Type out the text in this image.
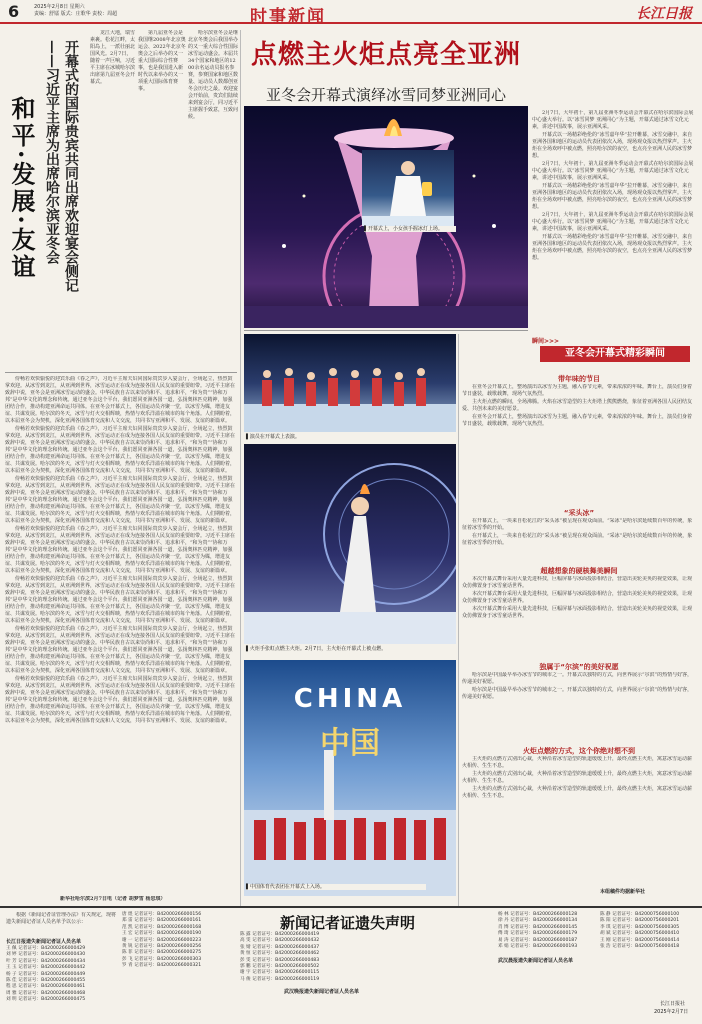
6	2025年2月8日 星期六
责编：舒镭 版式：庄歌华 责校：周超	时事新闻	长江日报
和平·发展·友谊 开幕式的国际贵宾共同出席欢迎宴会侧记
——习近平主席为出席哈尔滨亚冬会

龙江大地，瑞雪素裹。松花江畔，太阳岛上，一派壮丽北国风光。2月7日，随着一声巨响，习近平主席在冰城哈尔滨出席第九届亚冬会开幕式。

第九届亚冬会是我国继2008年北京奥运会、2022年北京冬奥会之后举办的又一重大国际综合性赛事，也是我国进入新时代以来举办的又一项重大国际体育赛事。

哈尔滨亚冬会是继北京冬奥会后我国举办的又一重大综合性国际冰雪运动盛会。本届共34个国家和地区的1200余名运动员报名参赛，参赛国家和地区数量、运动员人数都创亚冬会历史之最。欢迎宴会开始前，贵宾们陆续来到宴会厅，同习近平主席握手致意，互致问候。

侍畅若欢快愉悦的迎宾乐曲《春之声》，习近平主席夫妇同国际贵宾步入宴会厅，全场起立，热烈鼓掌欢迎。从冰雪到龙江，从亚洲到世界，冰雪运动正在成为连接各国人民友谊的重要纽带。习近平主席在致辞中说，亚冬会是亚洲冰雪运动的盛会。中华民族自古以来崇尚和平、追求和平，“和为贵”“协和万邦”是中华文化的理念和传统。通过亚冬会这个平台，我们愿同亚洲各国一道，弘扬奥林匹克精神，加强团结合作，推动构建亚洲命运共同体。在亚冬会开幕式上，各国运动员齐聚一堂，以冰雪为媒，增进友谊、共谋发展。哈尔滨的冬天，冰雪与灯火交相辉映，热情与欢乐洋溢在城市的每个角落。人们期盼着，以本届亚冬会为契机，深化亚洲各国体育交流和人文交流，共同书写亚洲和平、发展、友谊的新篇章。

侍畅若欢快愉悦的迎宾乐曲《春之声》，习近平主席夫妇同国际贵宾步入宴会厅，全场起立，热烈鼓掌欢迎。从冰雪到龙江，从亚洲到世界，冰雪运动正在成为连接各国人民友谊的重要纽带。习近平主席在致辞中说，亚冬会是亚洲冰雪运动的盛会。中华民族自古以来崇尚和平、追求和平，“和为贵”“协和万邦”是中华文化的理念和传统。通过亚冬会这个平台，我们愿同亚洲各国一道，弘扬奥林匹克精神，加强团结合作，推动构建亚洲命运共同体。在亚冬会开幕式上，各国运动员齐聚一堂，以冰雪为媒，增进友谊、共谋发展。哈尔滨的冬天，冰雪与灯火交相辉映，热情与欢乐洋溢在城市的每个角落。人们期盼着，以本届亚冬会为契机，深化亚洲各国体育交流和人文交流，共同书写亚洲和平、发展、友谊的新篇章。

侍畅若欢快愉悦的迎宾乐曲《春之声》，习近平主席夫妇同国际贵宾步入宴会厅，全场起立，热烈鼓掌欢迎。从冰雪到龙江，从亚洲到世界，冰雪运动正在成为连接各国人民友谊的重要纽带。习近平主席在致辞中说，亚冬会是亚洲冰雪运动的盛会。中华民族自古以来崇尚和平、追求和平，“和为贵”“协和万邦”是中华文化的理念和传统。通过亚冬会这个平台，我们愿同亚洲各国一道，弘扬奥林匹克精神，加强团结合作，推动构建亚洲命运共同体。在亚冬会开幕式上，各国运动员齐聚一堂，以冰雪为媒，增进友谊、共谋发展。哈尔滨的冬天，冰雪与灯火交相辉映，热情与欢乐洋溢在城市的每个角落。人们期盼着，以本届亚冬会为契机，深化亚洲各国体育交流和人文交流，共同书写亚洲和平、发展、友谊的新篇章。

侍畅若欢快愉悦的迎宾乐曲《春之声》，习近平主席夫妇同国际贵宾步入宴会厅，全场起立，热烈鼓掌欢迎。从冰雪到龙江，从亚洲到世界，冰雪运动正在成为连接各国人民友谊的重要纽带。习近平主席在致辞中说，亚冬会是亚洲冰雪运动的盛会。中华民族自古以来崇尚和平、追求和平，“和为贵”“协和万邦”是中华文化的理念和传统。通过亚冬会这个平台，我们愿同亚洲各国一道，弘扬奥林匹克精神，加强团结合作，推动构建亚洲命运共同体。在亚冬会开幕式上，各国运动员齐聚一堂，以冰雪为媒，增进友谊、共谋发展。哈尔滨的冬天，冰雪与灯火交相辉映，热情与欢乐洋溢在城市的每个角落。人们期盼着，以本届亚冬会为契机，深化亚洲各国体育交流和人文交流，共同书写亚洲和平、发展、友谊的新篇章。

侍畅若欢快愉悦的迎宾乐曲《春之声》，习近平主席夫妇同国际贵宾步入宴会厅，全场起立，热烈鼓掌欢迎。从冰雪到龙江，从亚洲到世界，冰雪运动正在成为连接各国人民友谊的重要纽带。习近平主席在致辞中说，亚冬会是亚洲冰雪运动的盛会。中华民族自古以来崇尚和平、追求和平，“和为贵”“协和万邦”是中华文化的理念和传统。通过亚冬会这个平台，我们愿同亚洲各国一道，弘扬奥林匹克精神，加强团结合作，推动构建亚洲命运共同体。在亚冬会开幕式上，各国运动员齐聚一堂，以冰雪为媒，增进友谊、共谋发展。哈尔滨的冬天，冰雪与灯火交相辉映，热情与欢乐洋溢在城市的每个角落。人们期盼着，以本届亚冬会为契机，深化亚洲各国体育交流和人文交流，共同书写亚洲和平、发展、友谊的新篇章。

侍畅若欢快愉悦的迎宾乐曲《春之声》，习近平主席夫妇同国际贵宾步入宴会厅，全场起立，热烈鼓掌欢迎。从冰雪到龙江，从亚洲到世界，冰雪运动正在成为连接各国人民友谊的重要纽带。习近平主席在致辞中说，亚冬会是亚洲冰雪运动的盛会。中华民族自古以来崇尚和平、追求和平，“和为贵”“协和万邦”是中华文化的理念和传统。通过亚冬会这个平台，我们愿同亚洲各国一道，弘扬奥林匹克精神，加强团结合作，推动构建亚洲命运共同体。在亚冬会开幕式上，各国运动员齐聚一堂，以冰雪为媒，增进友谊、共谋发展。哈尔滨的冬天，冰雪与灯火交相辉映，热情与欢乐洋溢在城市的每个角落。人们期盼着，以本届亚冬会为契机，深化亚洲各国体育交流和人文交流，共同书写亚洲和平、发展、友谊的新篇章。

侍畅若欢快愉悦的迎宾乐曲《春之声》，习近平主席夫妇同国际贵宾步入宴会厅，全场起立，热烈鼓掌欢迎。从冰雪到龙江，从亚洲到世界，冰雪运动正在成为连接各国人民友谊的重要纽带。习近平主席在致辞中说，亚冬会是亚洲冰雪运动的盛会。中华民族自古以来崇尚和平、追求和平，“和为贵”“协和万邦”是中华文化的理念和传统。通过亚冬会这个平台，我们愿同亚洲各国一道，弘扬奥林匹克精神，加强团结合作，推动构建亚洲命运共同体。在亚冬会开幕式上，各国运动员齐聚一堂，以冰雪为媒，增进友谊、共谋发展。哈尔滨的冬天，冰雪与灯火交相辉映，热情与欢乐洋溢在城市的每个角落。人们期盼着，以本届亚冬会为契机，深化亚洲各国体育交流和人文交流，共同书写亚洲和平、发展、友谊的新篇章。

新华社哈尔滨2月7日电（记者 胡梦雪 杨思琪）
点燃主火炬点亮全亚洲
亚冬会开幕式演绎冰雪同梦亚洲同心
▌开幕式上，小女孩手握冰灯上场。
▌演员在开幕式上表演。
▌火炬手张虹点燃主火炬。2月7日，主火炬在开幕式上被点燃。
CHINA
中国
▌中国体育代表团在开幕式上入场。

2月7日，大年初十，第九届亚洲冬季运动会开幕式在哈尔滨国际会展中心盛大举行。以“冰雪同梦 亚洲同心”为主题，开幕式通过冰雪文化元素，讲述中国故事，展示亚洲风采。

开幕式以一场精彩绝伦的“冰雪嘉年华”拉开帷幕，冰雪交融中，来自亚洲各国和地区的运动员代表团依次入场，现场观众报以热烈掌声。主火炬在全场欢呼中被点燃，照亮哈尔滨的夜空，也点亮全亚洲人民的冰雪梦想。

2月7日，大年初十，第九届亚洲冬季运动会开幕式在哈尔滨国际会展中心盛大举行。以“冰雪同梦 亚洲同心”为主题，开幕式通过冰雪文化元素，讲述中国故事，展示亚洲风采。

开幕式以一场精彩绝伦的“冰雪嘉年华”拉开帷幕，冰雪交融中，来自亚洲各国和地区的运动员代表团依次入场，现场观众报以热烈掌声。主火炬在全场欢呼中被点燃，照亮哈尔滨的夜空，也点亮全亚洲人民的冰雪梦想。

2月7日，大年初十，第九届亚洲冬季运动会开幕式在哈尔滨国际会展中心盛大举行。以“冰雪同梦 亚洲同心”为主题，开幕式通过冰雪文化元素，讲述中国故事，展示亚洲风采。

开幕式以一场精彩绝伦的“冰雪嘉年华”拉开帷幕，冰雪交融中，来自亚洲各国和地区的运动员代表团依次入场，现场观众报以热烈掌声。主火炬在全场欢呼中被点燃，照亮哈尔滨的夜空，也点亮全亚洲人民的冰雪梦想。

瞬间>>>
亚冬会开幕式精彩瞬间
带年味的节目

在亚冬会开幕式上，整场演出以冰雪为主题，融入春节元素，带来浓浓的年味。舞台上，演员们身着节日盛装，载歌载舞，现场气氛热烈。

主火炬点燃的瞬间，全场沸腾。火焰在冰雪造型的主火炬塔上熊熊燃烧，象征着亚洲各国人民团结友爱、共创未来的美好愿景。

在亚冬会开幕式上，整场演出以冰雪为主题，融入春节元素，带来浓浓的年味。舞台上，演员们身着节日盛装，载歌载舞，现场气氛热烈。

“采头冰”

在开幕式上，一块来自松花江的“采头冰”被呈现在观众面前。“采冰”是哈尔滨延续数百年的传统，象征着冰雪季的开始。

在开幕式上，一块来自松花江的“采头冰”被呈现在观众面前。“采冰”是哈尔滨延续数百年的传统，象征着冰雪季的开始。

超越想象的硬核舞美瞬间

本次开幕式舞台采用大量先进科技，巨幅屏幕与冰面投影相结合，营造出美轮美奂的视觉效果，让观众仿佛置身于冰雪童话世界。

本次开幕式舞台采用大量先进科技，巨幅屏幕与冰面投影相结合，营造出美轮美奂的视觉效果，让观众仿佛置身于冰雪童话世界。

本次开幕式舞台采用大量先进科技，巨幅屏幕与冰面投影相结合，营造出美轮美奂的视觉效果，让观众仿佛置身于冰雪童话世界。

独属于“尔滨”的美好祝愿

哈尔滨是中国最早举办冰雪节的城市之一。开幕式以独特的方式，向世界展示“尔滨”的热情与好客，传递美好祝愿。

哈尔滨是中国最早举办冰雪节的城市之一。开幕式以独特的方式，向世界展示“尔滨”的热情与好客，传递美好祝愿。

火炬点燃的方式，这个你绝对想不到

主火炬的点燃方式别出心裁，火种沿着冰雪造型的轨道缓缓上升，最终点燃主火炬，寓意冰雪运动薪火相传、生生不息。

主火炬的点燃方式别出心裁，火种沿着冰雪造型的轨道缓缓上升，最终点燃主火炬，寓意冰雪运动薪火相传、生生不息。

主火炬的点燃方式别出心裁，火种沿着冰雪造型的轨道缓缓上升，最终点燃主火炬，寓意冰雪运动薪火相传、生生不息。

本组稿件均据新华社

根据《新闻记者证管理办法》有关规定，现将遗失新闻记者证人员名单予以公示：

长江日报遗失新闻记者证人员名单
新闻记者证遗失声明
武汉晚报遗失新闻记者证人员名单
武汉晨报遗失新闻记者证人员名单
长江日报社
2025年2月7日
王 佩 记者证号：B42000266000429
刘 婷 记者证号：B42000266000430
叶 芳 记者证号：B42000266000434
王 玉 记者证号：B42000266000442
杨 子 记者证号：B42000266000449
陈 佳 记者证号：B42000266000455
程 思 记者证号：B42000266000461
周 雅 记者证号：B42000266000468
刘 明 记者证号：B42000266000475
唐 煜 记者证号：B42000266000156
郑 雷 记者证号：B42000266000161
范 凯 记者证号：B42000266000168
王 宏 记者证号：B42000266000190
谢 一 记者证号：B42000266000223
黄 锐 记者证号：B42000266000256
陈 菲 记者证号：B42000266000275
彭 飞 记者证号：B42000266000303
罗 青 记者证号：B42000266000321
陈 露 记者证号：B42000266000419
高 雯 记者证号：B42000266000432
张 婧 记者证号：B42000266000437
黄 恒 记者证号：B42000266000462
彭 雯 记者证号：B42000266000483
郭 鹏 记者证号：B42000266000502
谢 宇 记者证号：B42000266000115
马 俊 记者证号：B42000266000119
杨 林 记者证号：B42000266000128
徐 丹 记者证号：B42000266000134
肖 博 记者证号：B42000266000145
傅 琦 记者证号：B42000266000179
易 涛 记者证号：B42000266000187
邓 娟 记者证号：B42000266000193
陈 静 记者证号：B42000756000100
陈 阳 记者证号：B42000756000201
李 琪 记者证号：B42000756000305
胡 斌 记者证号：B42000756000410
王 刚 记者证号：B42000756000414
张 浩 记者证号：B42000756000418
